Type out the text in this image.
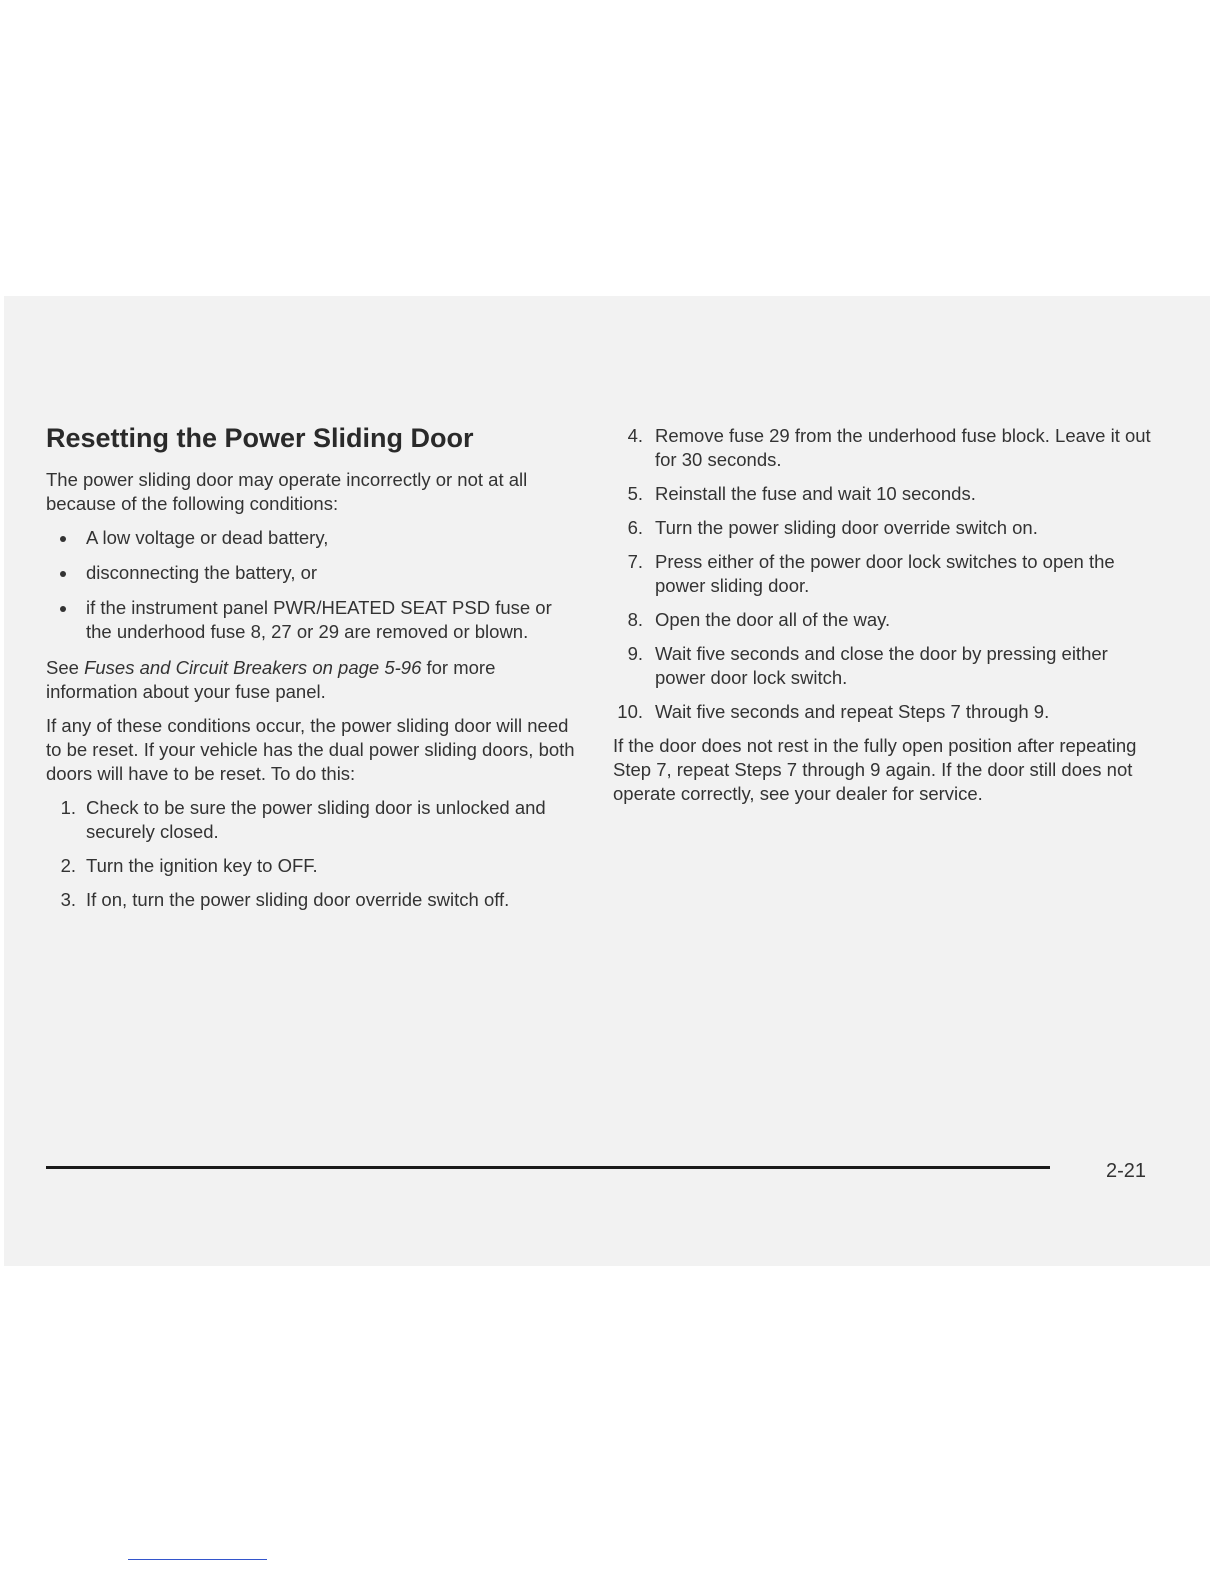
Resetting the Power Sliding Door

The power sliding door may operate incorrectly or not at all because of the following conditions:

A low voltage or dead battery,
disconnecting the battery, or
if the instrument panel PWR/HEATED SEAT PSD fuse or the underhood fuse 8, 27 or 29 are removed or blown.

See Fuses and Circuit Breakers on page 5-96 for more information about your fuse panel.

If any of these conditions occur, the power sliding door will need to be reset. If your vehicle has the dual power sliding doors, both doors will have to be reset. To do this:

1. Check to be sure the power sliding door is unlocked and securely closed.
2. Turn the ignition key to OFF.
3. If on, turn the power sliding door override switch off.
4. Remove fuse 29 from the underhood fuse block. Leave it out for 30 seconds.
5. Reinstall the fuse and wait 10 seconds.
6. Turn the power sliding door override switch on.
7. Press either of the power door lock switches to open the power sliding door.
8. Open the door all of the way.
9. Wait five seconds and close the door by pressing either power door lock switch.
10. Wait five seconds and repeat Steps 7 through 9.

If the door does not rest in the fully open position after repeating Step 7, repeat Steps 7 through 9 again. If the door still does not operate correctly, see your dealer for service.

2-21
